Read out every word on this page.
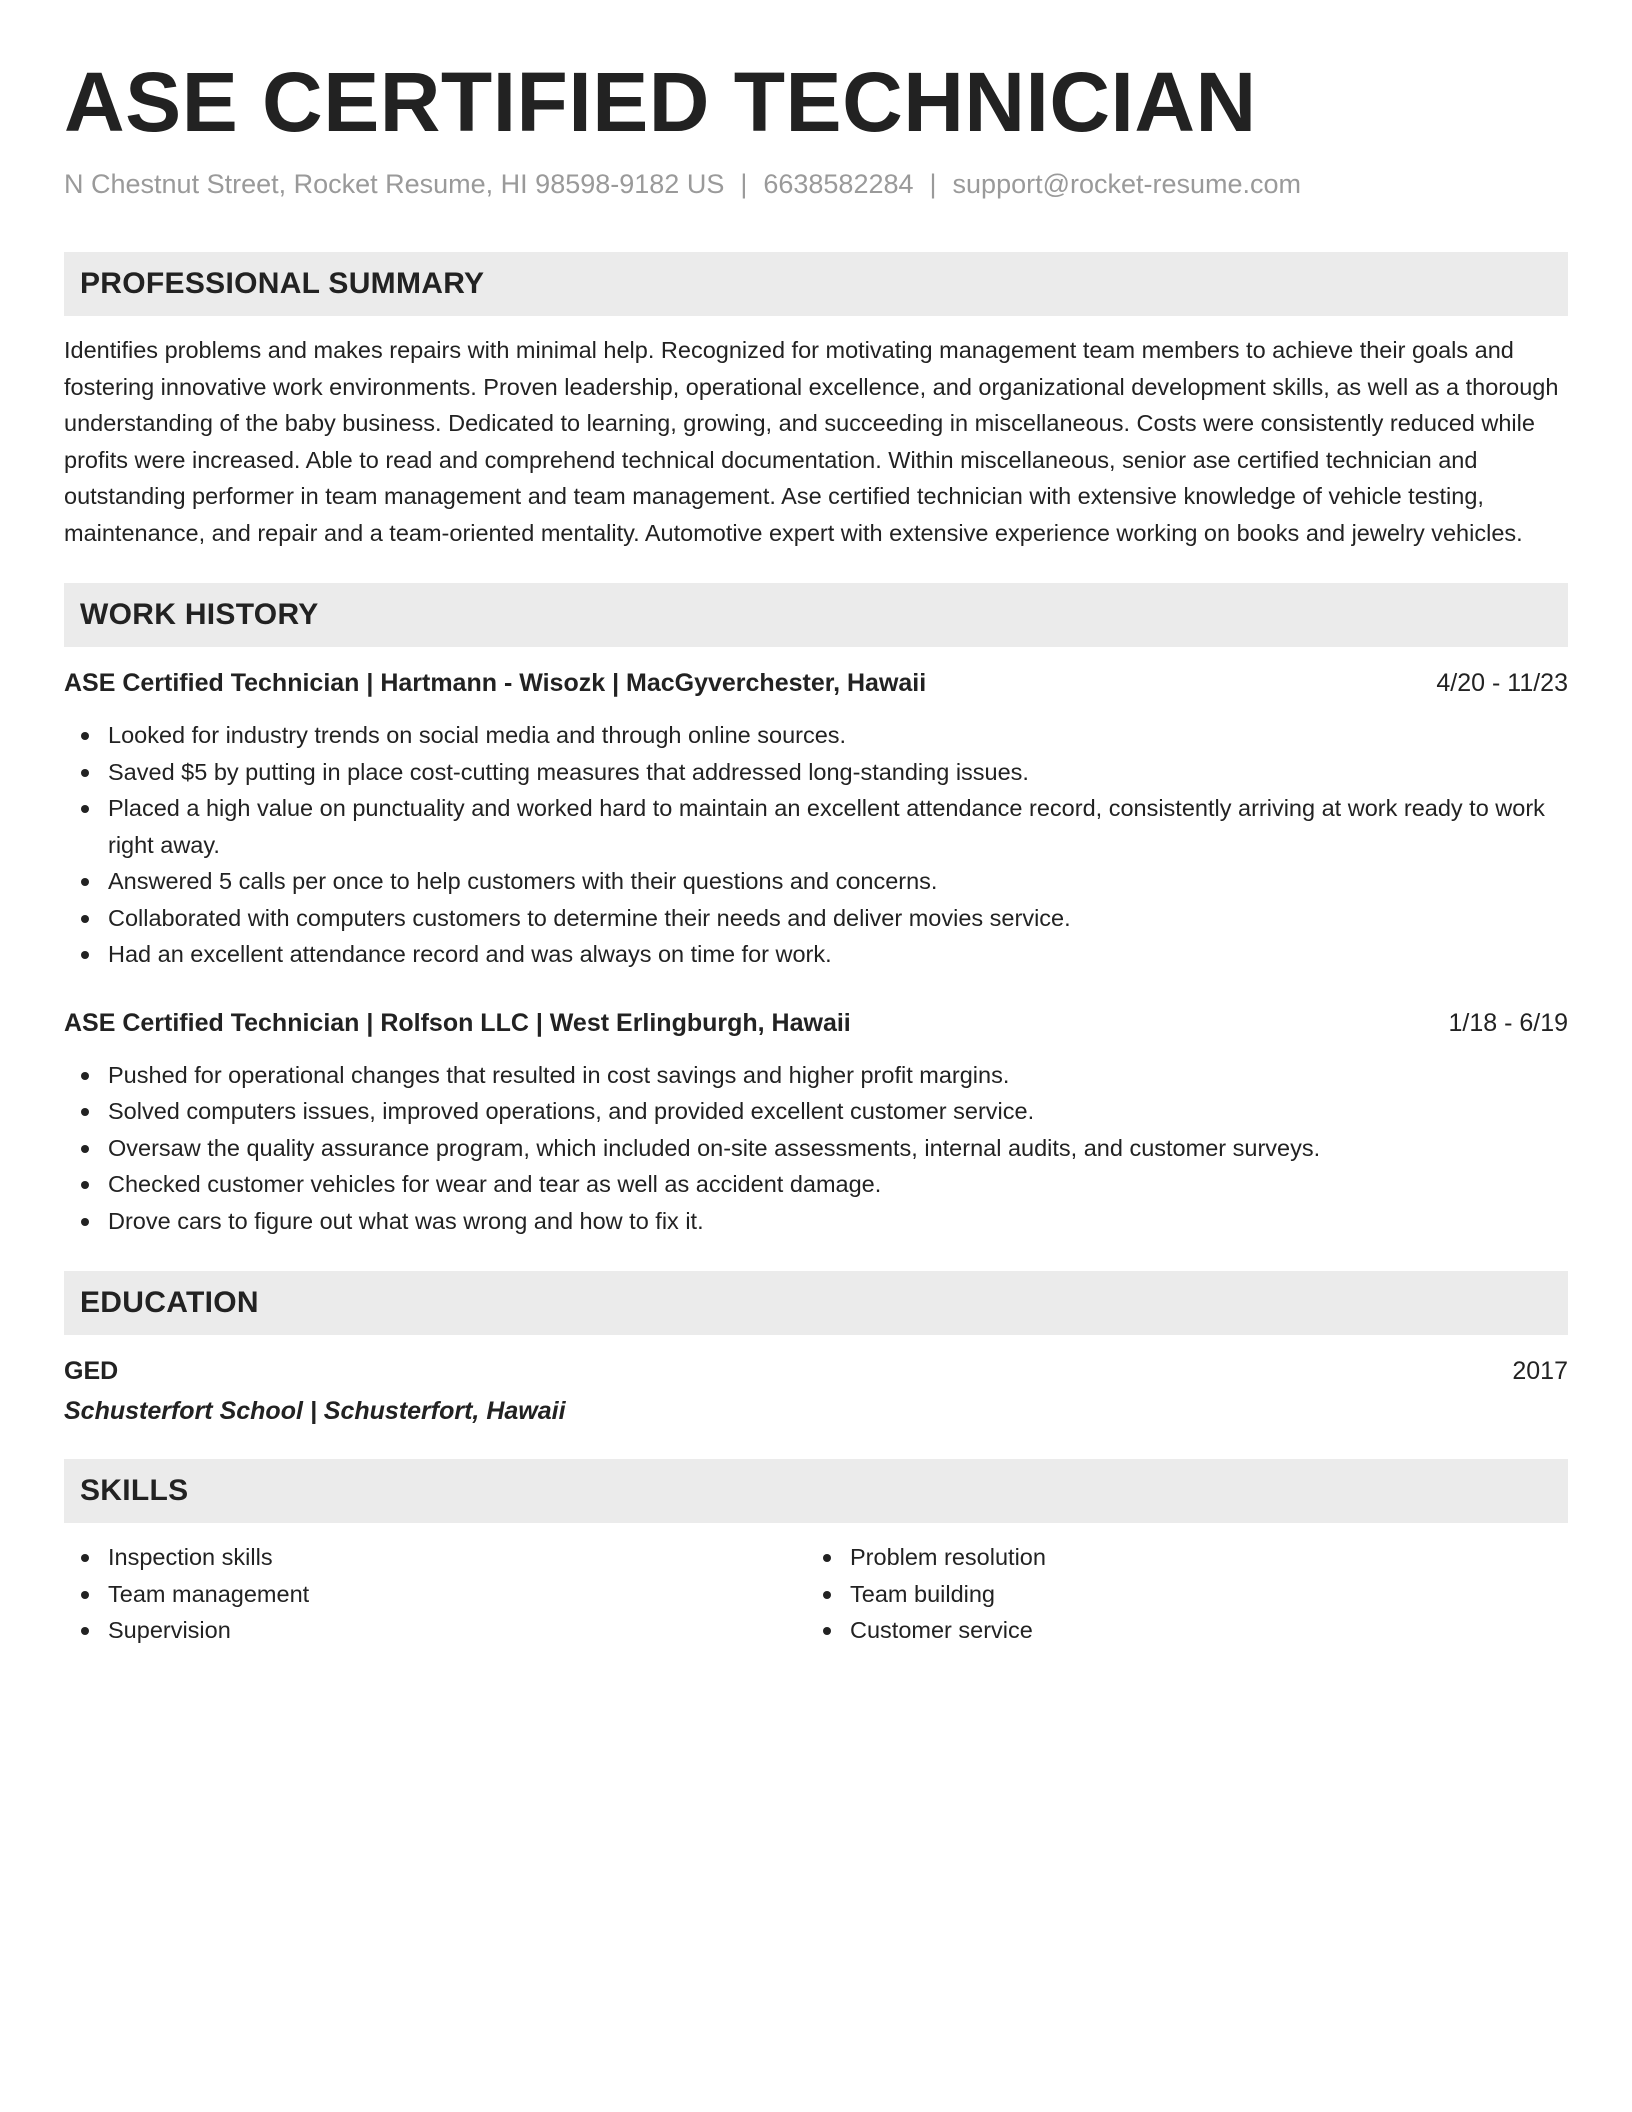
ASE CERTIFIED TECHNICIAN
N Chestnut Street, Rocket Resume, HI 98598-9182 US | 6638582284 | support@rocket-resume.com
PROFESSIONAL SUMMARY

Identifies problems and makes repairs with minimal help. Recognized for motivating management team members to achieve their goals and fostering innovative work environments. Proven leadership, operational excellence, and organizational development skills, as well as a thorough understanding of the baby business. Dedicated to learning, growing, and succeeding in miscellaneous. Costs were consistently reduced while profits were increased. Able to read and comprehend technical documentation. Within miscellaneous, senior ase certified technician and outstanding performer in team management and team management. Ase certified technician with extensive knowledge of vehicle testing, maintenance, and repair and a team-oriented mentality. Automotive expert with extensive experience working on books and jewelry vehicles.

WORK HISTORY
ASE Certified Technician | Hartmann - Wisozk | MacGyverchester, Hawaii	4/20 - 11/23
Looked for industry trends on social media and through online sources.
Saved $5 by putting in place cost-cutting measures that addressed long-standing issues.
Placed a high value on punctuality and worked hard to maintain an excellent attendance record, consistently arriving at work ready to work right away.
Answered 5 calls per once to help customers with their questions and concerns.
Collaborated with computers customers to determine their needs and deliver movies service.
Had an excellent attendance record and was always on time for work.
ASE Certified Technician | Rolfson LLC | West Erlingburgh, Hawaii	1/18 - 6/19
Pushed for operational changes that resulted in cost savings and higher profit margins.
Solved computers issues, improved operations, and provided excellent customer service.
Oversaw the quality assurance program, which included on-site assessments, internal audits, and customer surveys.
Checked customer vehicles for wear and tear as well as accident damage.
Drove cars to figure out what was wrong and how to fix it.
EDUCATION
GED	2017
Schusterfort School | Schusterfort, Hawaii
SKILLS
Inspection skills
Team management
Supervision
Problem resolution
Team building
Customer service
